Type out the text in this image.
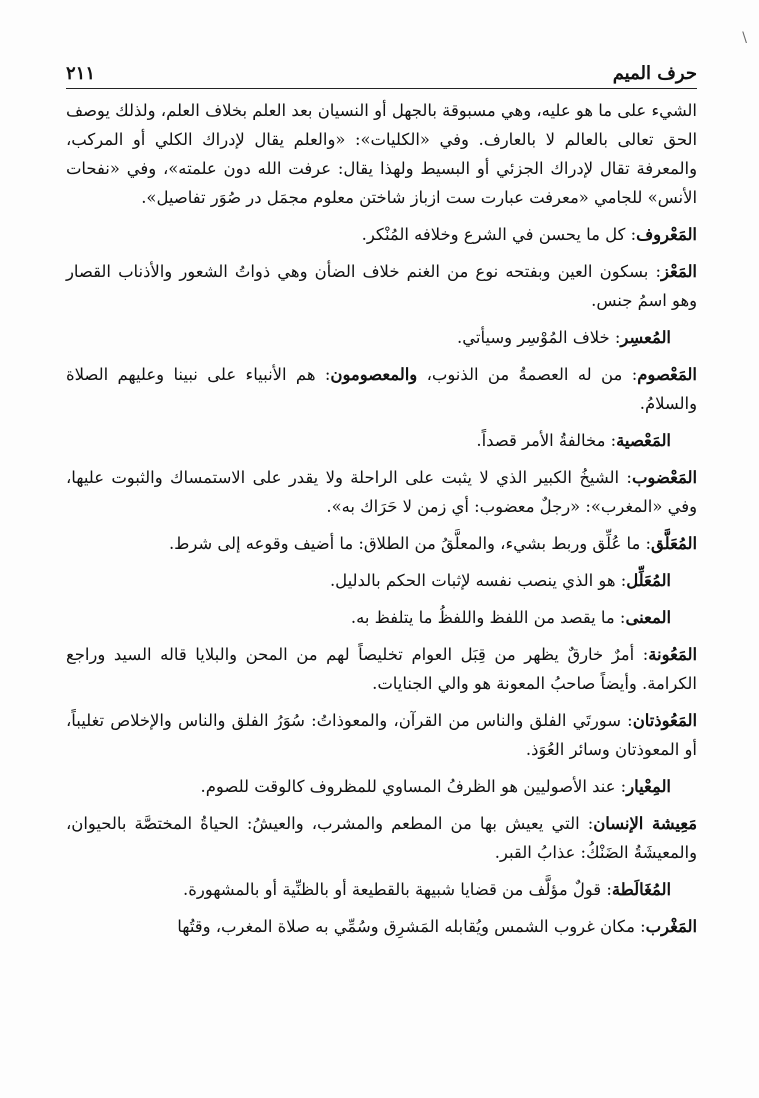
\
حرف الميم
٢١١

الشيء على ما هو عليه، وهي مسبوقة بالجهل أو النسيان بعد العلم بخلاف العلم، ولذلك يوصف الحق تعالى بالعالم لا بالعارف. وفي «الكليات»: «والعلم يقال لإدراك الكلي أو المركب، والمعرفة تقال لإدراك الجزئي أو البسيط ولهذا يقال: عرفت الله دون علمته»، وفي «نفحات الأنس» للجامي «معرفت عبارت ست ازباز شاختن معلوم مجمَل در صُوَر تفاصيل».

المَعْروف: كل ما يحسن في الشرع وخلافه المُنْكر.

المَعْز: بسكون العين وبفتحه نوع من الغنم خلاف الضأن وهي ذواتُ الشعور والأذناب القصار وهو اسمُ جنس.

المُعسِر: خلاف المُوْسِر وسيأتي.

المَعْصوم: من له العصمةُ من الذنوب، والمعصومون: هم الأنبياء على نبينا وعليهم الصلاة والسلامُ.

المَعْصية: مخالفةُ الأمر قصداً.

المَعْضوب: الشيخُ الكبير الذي لا يثبت على الراحلة ولا يقدر على الاستمساك والثبوت عليها، وفي «المغرب»: «رجلٌ معضوب: أي زمن لا حَرَاك به».

المُعَلَّق: ما عُلِّق وربط بشيء، والمعلَّقُ من الطلاق: ما أضيف وقوعه إلى شرط.

المُعَلِّل: هو الذي ينصب نفسه لإثبات الحكم بالدليل.

المعنى: ما يقصد من اللفظ واللفظُ ما يتلفظ به.

المَعُونة: أمرٌ خارقٌ يظهر من قِبَل العوام تخليصاً لهم من المحن والبلايا قاله السيد وراجع الكرامة. وأيضاً صاحبُ المعونة هو والي الجنايات.

المَعُوذتان: سورتَي الفلق والناس من القرآن، والمعوذاتُ: سُوَرُ الفلق والناس والإخلاص تغليباً، أو المعوذتان وسائر العُوَذ.

المِعْيار: عند الأصوليين هو الظرفُ المساوي للمظروف كالوقت للصوم.

مَعِيشة الإنسان: التي يعيش بها من المطعم والمشرب، والعيشُ: الحياةُ المختصَّة بالحيوان، والمعيشَةُ الضَنْكُ: عذابُ القبر.

المُغَالَطة: قولٌ مؤلَّف من قضايا شبيهة بالقطيعة أو بالظنِّية أو بالمشهورة.

المَغْرب: مكان غروب الشمس ويُقابله المَشرِق وسُمِّي به صلاة المغرب، وقتُها
